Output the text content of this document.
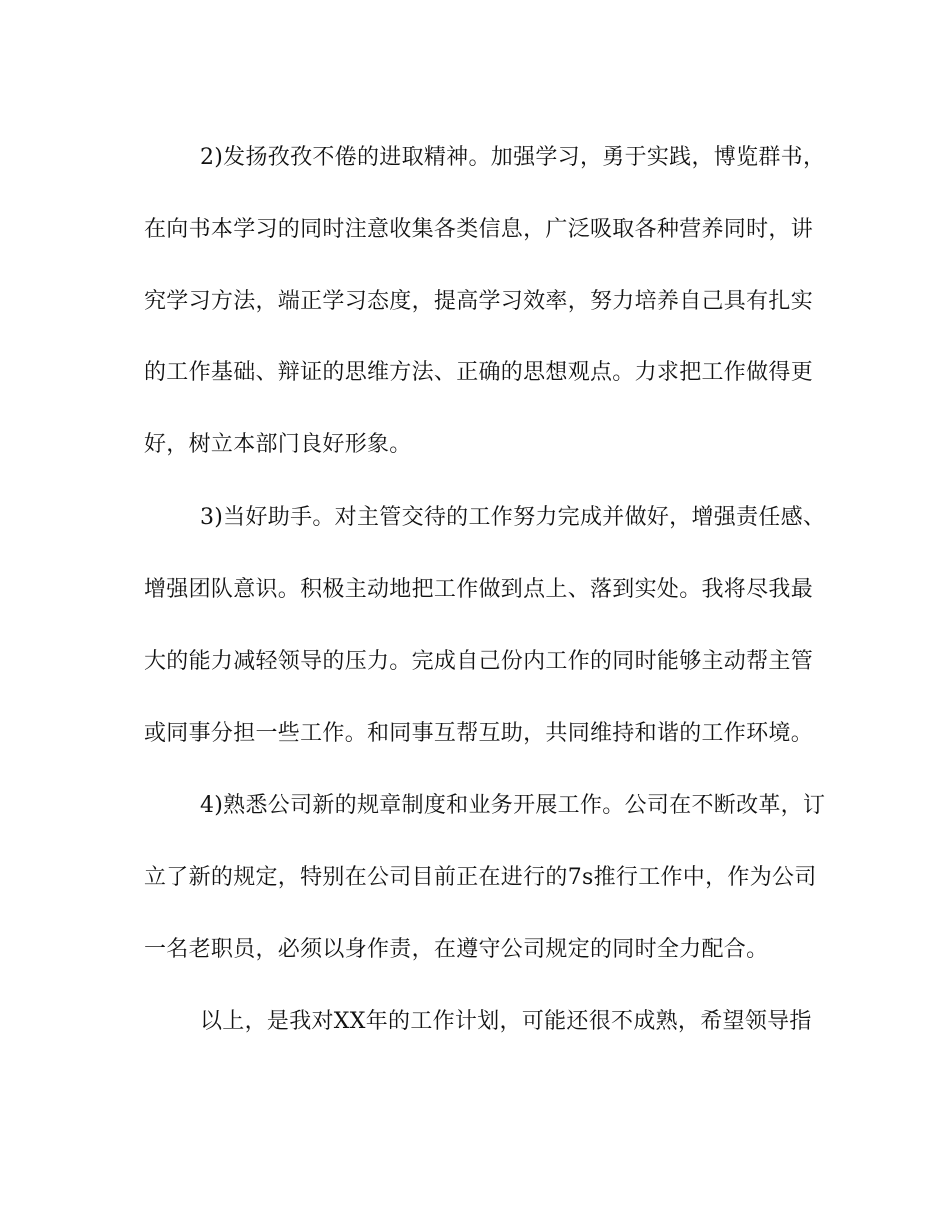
2)发扬孜孜不倦的进取精神。加强学习，勇于实践，博览群书，
在向书本学习的同时注意收集各类信息，广泛吸取各种营养同时，讲
究学习方法，端正学习态度，提高学习效率，努力培养自己具有扎实
的工作基础、辩证的思维方法、正确的思想观点。力求把工作做得更
好，树立本部门良好形象。
3)当好助手。对主管交待的工作努力完成并做好，增强责任感、
增强团队意识。积极主动地把工作做到点上、落到实处。我将尽我最
大的能力减轻领导的压力。完成自己份内工作的同时能够主动帮主管
或同事分担一些工作。和同事互帮互助，共同维持和谐的工作环境。
4)熟悉公司新的规章制度和业务开展工作。公司在不断改革，订
立了新的规定，特别在公司目前正在进行的7s推行工作中，作为公司
一名老职员，必须以身作责，在遵守公司规定的同时全力配合。
以上，是我对XX年的工作计划，可能还很不成熟，希望领导指
